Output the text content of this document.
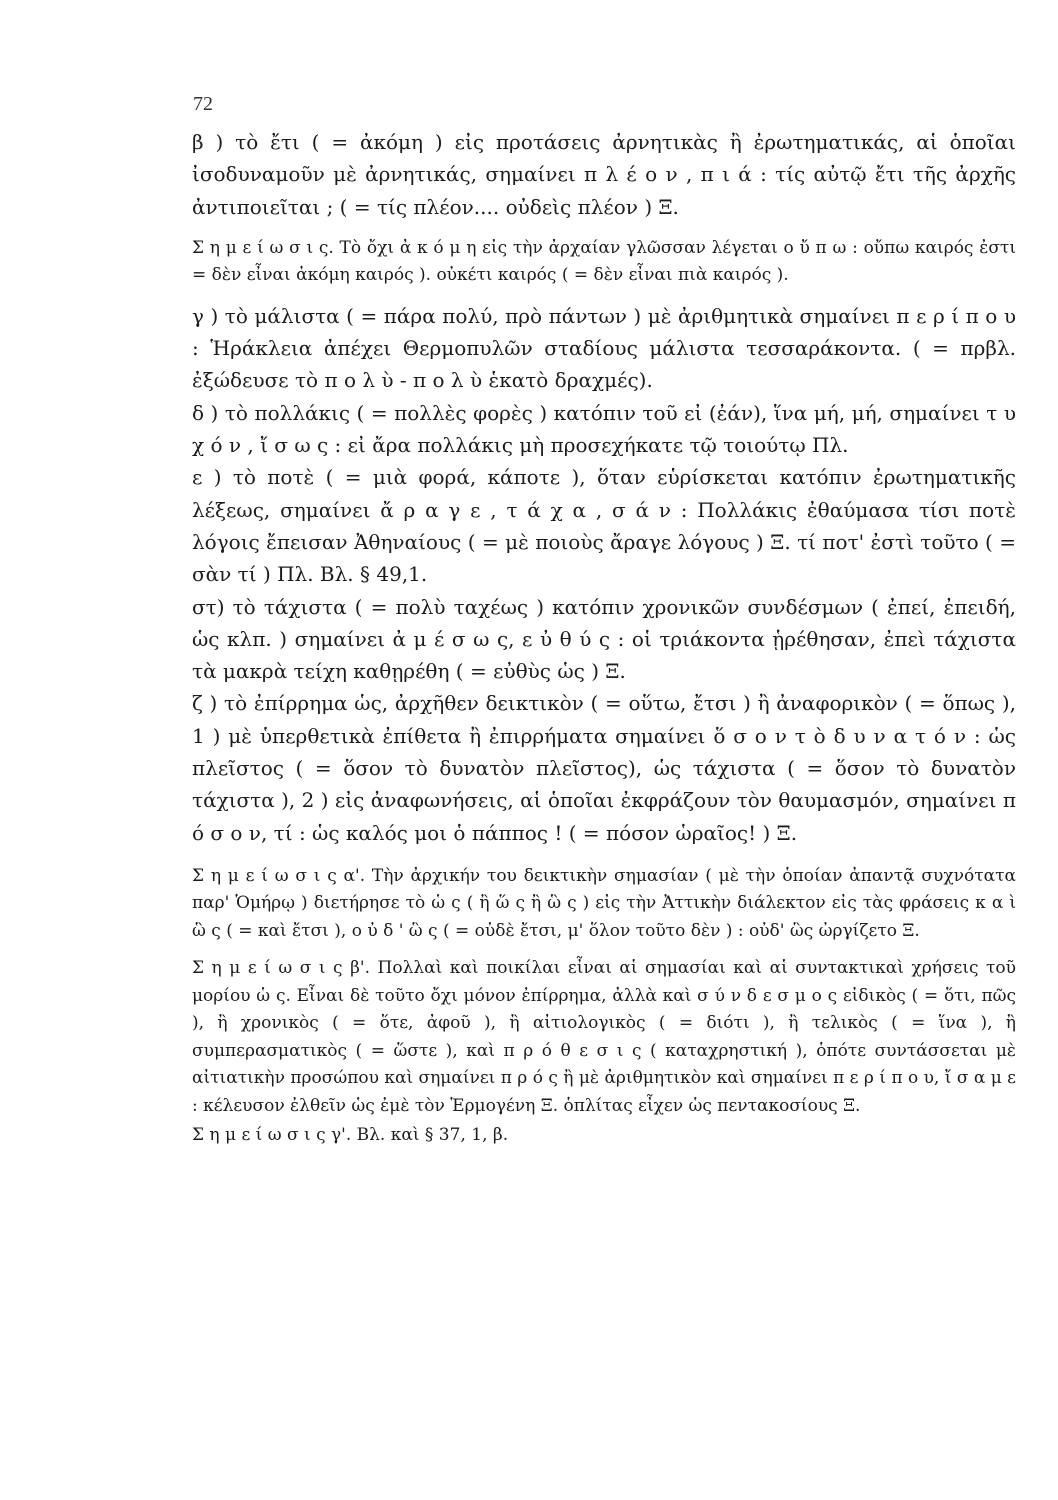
72

β ) τὸ ἔτι ( = ἀκόμη ) εἰς προτάσεις ἀρνητικὰς ἢ ἐρωτηματικάς, αἱ ὁποῖαι ἰσοδυναμοῦν μὲ ἀρνητικάς, σημαίνει π λ έ ο ν , π ι ά : τίς αὐτῷ ἔτι τῆς ἀρχῆς ἀντιποιεῖται ; ( = τίς πλέον.... οὐδεὶς πλέον ) Ξ.

Σ η μ ε ί ω σ ι ς. Τὸ ὄχι ἀ κ ό μ η εἰς τὴν ἀρχαίαν γλῶσσαν λέγεται ο ὔ π ω : οὔπω καιρός ἐστι = δὲν εἶναι ἀκόμη καιρός ). οὐκέτι καιρός ( = δὲν εἶναι πιὰ καιρός ).

γ ) τὸ μάλιστα ( = πάρα πολύ, πρὸ πάντων ) μὲ ἀριθμητικὰ σημαίνει π ε ρ ί π ο υ : Ἡράκλεια ἀπέχει Θερμοπυλῶν σταδίους μάλιστα τεσσαράκοντα. ( = πρβλ. ἐξώδευσε τὸ π ο λ ὺ - π ο λ ὺ ἑκατὸ δραχμές).

δ ) τὸ πολλάκις ( = πολλὲς φορὲς ) κατόπιν τοῦ εἰ (ἐάν), ἵνα μή, μή, σημαίνει τ υ χ ό ν , ἴ σ ω ς : εἰ ἄρα πολλάκις μὴ προσεχήκατε τῷ τοιούτῳ Πλ.

ε ) τὸ ποτὲ ( = μιὰ φορά, κάποτε ), ὅταν εὑρίσκεται κατόπιν ἐρωτηματικῆς λέξεως, σημαίνει ἄ ρ α γ ε , τ ά χ α , σ ά ν : Πολλάκις ἐθαύμασα τίσι ποτὲ λόγοις ἔπεισαν Ἀθηναίους ( = μὲ ποιοὺς ἄραγε λόγους ) Ξ. τί ποτ' ἐστὶ τοῦτο ( = σὰν τί ) Πλ. Βλ. § 49,1.

στ) τὸ τάχιστα ( = πολὺ ταχέως ) κατόπιν χρονικῶν συνδέσμων ( ἐπεί, ἐπειδή, ὡς κλπ. ) σημαίνει ἀ μ έ σ ω ς, ε ὐ θ ύ ς : οἱ τριάκοντα ᾑρέθησαν, ἐπεὶ τάχιστα τὰ μακρὰ τείχη καθῃρέθη ( = εὐθὺς ὡς ) Ξ.

ζ ) τὸ ἐπίρρημα ὡς, ἀρχῆθεν δεικτικὸν ( = οὕτω, ἔτσι ) ἢ ἀναφορικὸν ( = ὅπως ), 1 ) μὲ ὑπερθετικὰ ἐπίθετα ἢ ἐπιρρήματα σημαίνει ὅ σ ο ν τ ὸ δ υ ν α τ ό ν : ὡς πλεῖστος ( = ὅσον τὸ δυνατὸν πλεῖστος), ὡς τάχιστα ( = ὅσον τὸ δυνατὸν τάχιστα ), 2 ) εἰς ἀναφωνήσεις, αἱ ὁποῖαι ἐκφράζουν τὸν θαυμασμόν, σημαίνει π ό σ ο ν, τί : ὡς καλός μοι ὁ πάππος ! ( = πόσον ὡραῖος! ) Ξ.

Σ η μ ε ί ω σ ι ς α'. Τὴν ἀρχικήν του δεικτικὴν σημασίαν ( μὲ τὴν ὁποίαν ἀπαντᾷ συχνότατα παρ' Ὁμήρῳ ) διετήρησε τὸ ὡ ς ( ἢ ὥ ς ἢ ὣ ς ) εἰς τὴν Ἀττικὴν διάλεκτον εἰς τὰς φράσεις κ α ὶ ὣ ς ( = καὶ ἔτσι ), ο ὐ δ ' ὣ ς ( = οὐδὲ ἔτσι, μ' ὅλον τοῦτο δὲν ) : οὐδ' ὣς ὠργίζετο Ξ.

Σ η μ ε ί ω σ ι ς β'. Πολλαὶ καὶ ποικίλαι εἶναι αἱ σημασίαι καὶ αἱ συντακτικαὶ χρήσεις τοῦ μορίου ὡ ς. Εἶναι δὲ τοῦτο ὄχι μόνον ἐπίρρημα, ἀλλὰ καὶ σ ύ ν δ ε σ μ ο ς εἰδικὸς ( = ὅτι, πῶς ), ἢ χρονικὸς ( = ὅτε, ἀφοῦ ), ἢ αἰτιολογικὸς ( = διότι ), ἢ τελικὸς ( = ἵνα ), ἢ συμπερασματικὸς ( = ὥστε ), καὶ π ρ ό θ ε σ ι ς ( καταχρηστική ), ὁπότε συντάσσεται μὲ αἰτιατικὴν προσώπου καὶ σημαίνει π ρ ό ς ἢ μὲ ἀριθμητικὸν καὶ σημαίνει π ε ρ ί π ο υ, ἴ σ α μ ε : κέλευσον ἐλθεῖν ὡς ἐμὲ τὸν Ἑρμογένη Ξ. ὁπλίτας εἶχεν ὡς πεντακοσίους Ξ.

Σ η μ ε ί ω σ ι ς γ'. Βλ. καὶ § 37, 1, β.
